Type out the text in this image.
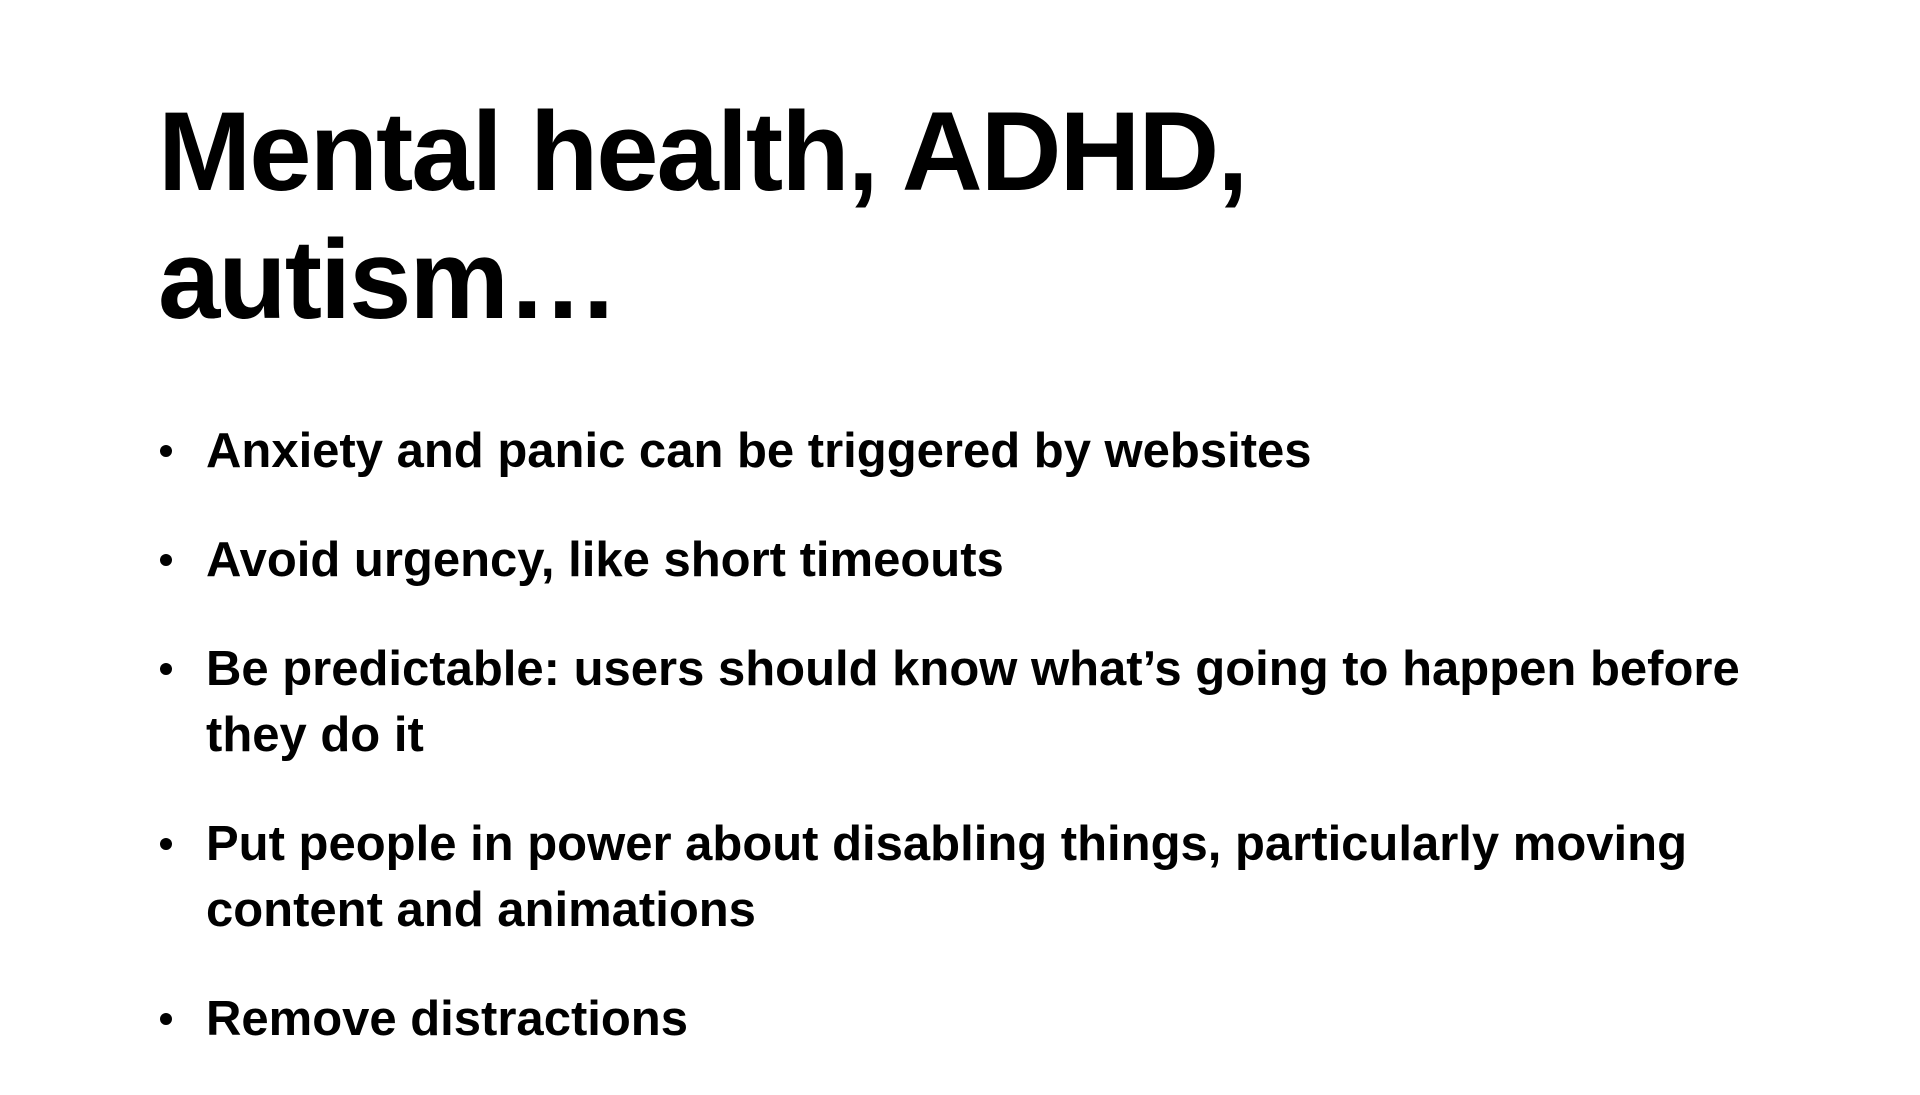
Mental health, ADHD,
autism…
Anxiety and panic can be triggered by websites
Avoid urgency, like short timeouts
Be predictable: users should know what’s going to happen before they do it
Put people in power about disabling things, particularly moving content and animations
Remove distractions
